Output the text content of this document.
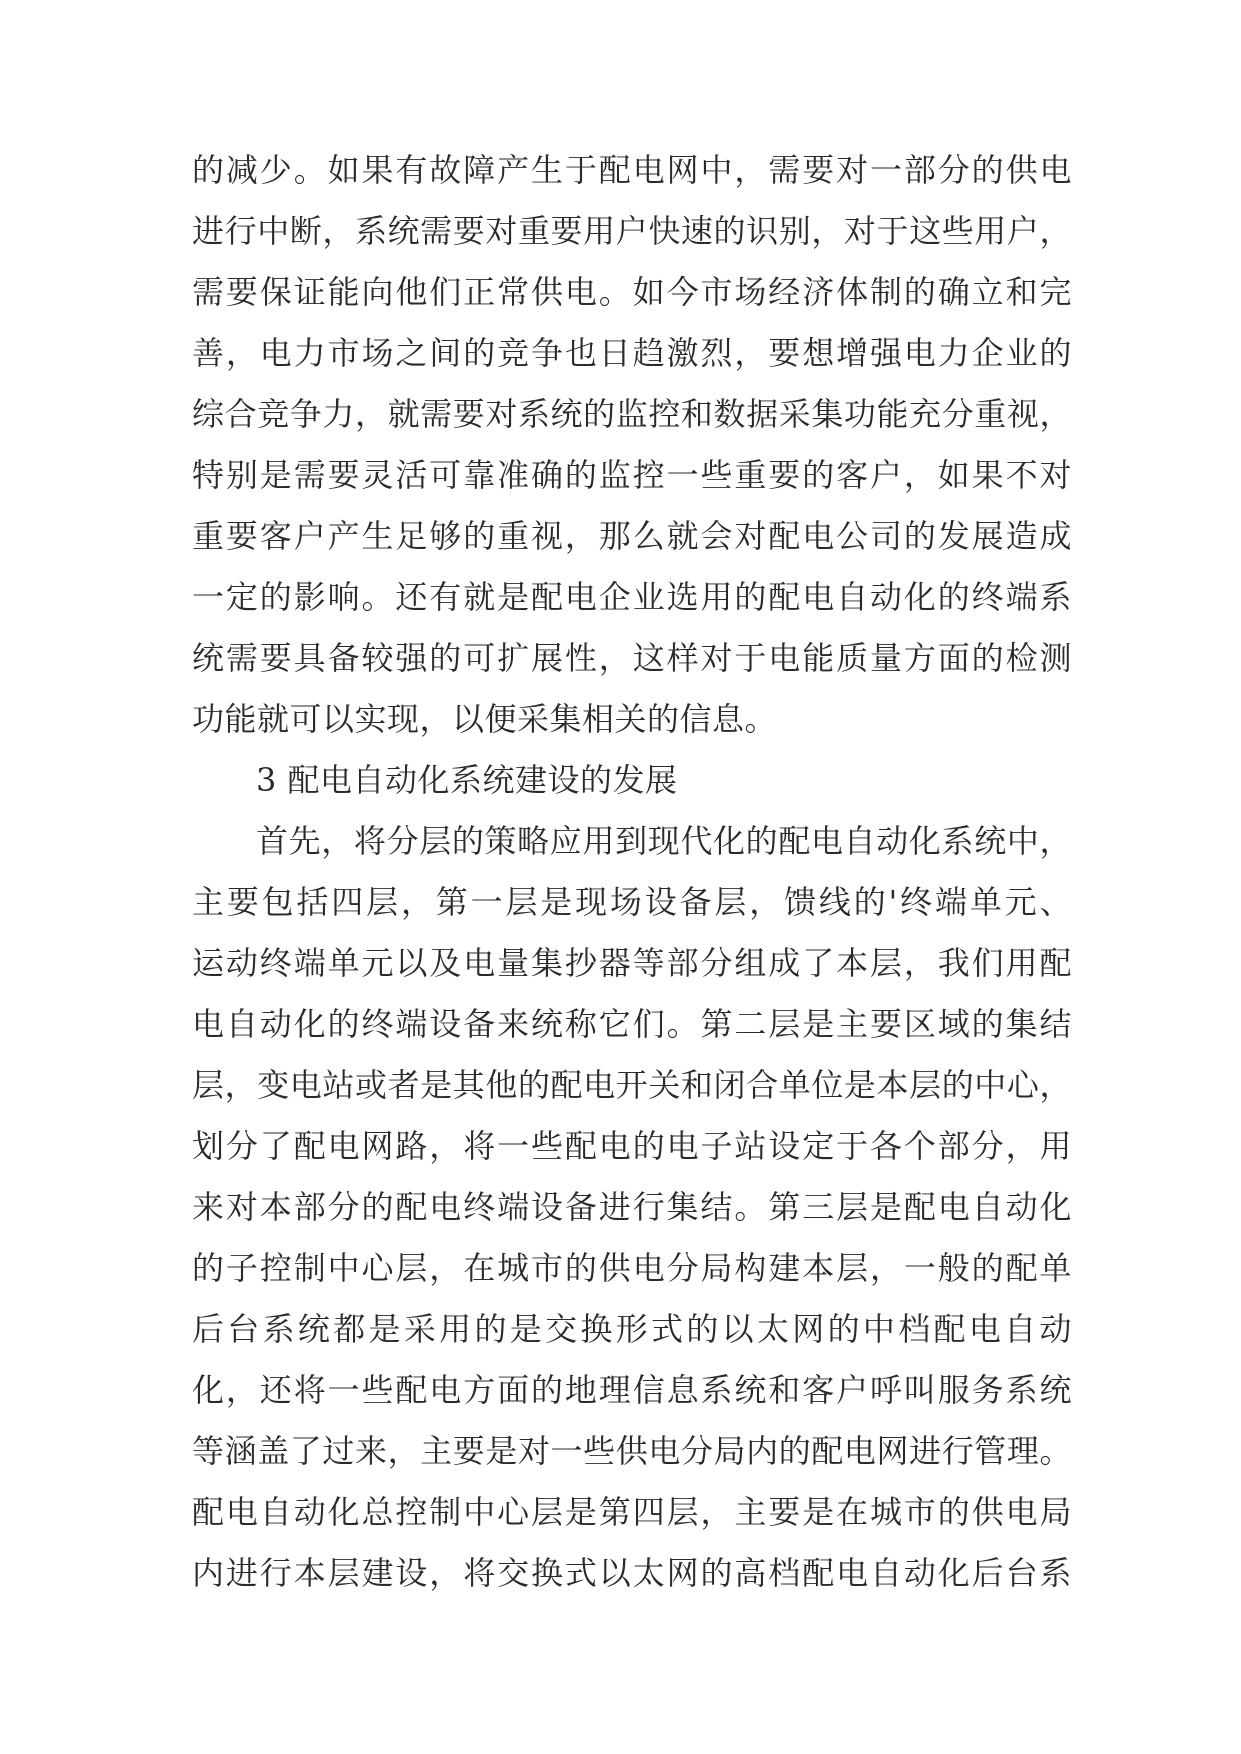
的减少。如果有故障产生于配电网中，需要对一部分的供电
进行中断，系统需要对重要用户快速的识别，对于这些用户，
需要保证能向他们正常供电。如今市场经济体制的确立和完
善，电力市场之间的竞争也日趋激烈，要想增强电力企业的
综合竞争力，就需要对系统的监控和数据采集功能充分重视，
特别是需要灵活可靠准确的监控一些重要的客户，如果不对
重要客户产生足够的重视，那么就会对配电公司的发展造成
一定的影响。还有就是配电企业选用的配电自动化的终端系
统需要具备较强的可扩展性，这样对于电能质量方面的检测
功能就可以实现，以便采集相关的信息。
3 配电自动化系统建设的发展
首先，将分层的策略应用到现代化的配电自动化系统中，
主要包括四层，第一层是现场设备层，馈线的'终端单元、
运动终端单元以及电量集抄器等部分组成了本层，我们用配
电自动化的终端设备来统称它们。第二层是主要区域的集结
层，变电站或者是其他的配电开关和闭合单位是本层的中心，
划分了配电网路，将一些配电的电子站设定于各个部分，用
来对本部分的配电终端设备进行集结。第三层是配电自动化
的子控制中心层，在城市的供电分局构建本层，一般的配单
后台系统都是采用的是交换形式的以太网的中档配电自动
化，还将一些配电方面的地理信息系统和客户呼叫服务系统
等涵盖了过来，主要是对一些供电分局内的配电网进行管理。
配电自动化总控制中心层是第四层，主要是在城市的供电局
内进行本层建设，将交换式以太网的高档配电自动化后台系
